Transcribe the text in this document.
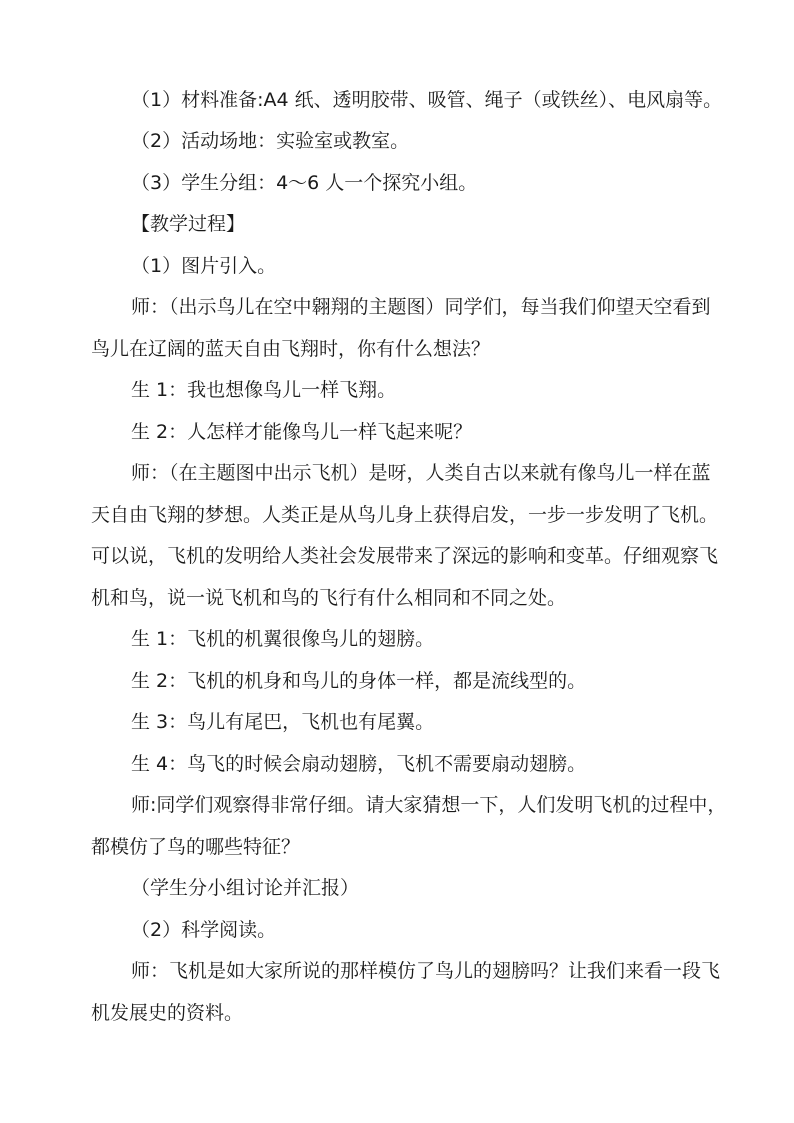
（1）材料准备:A4 纸、透明胶带、吸管、绳子（或铁丝）、电风扇等。
（2）活动场地：实验室或教室。
（3）学生分组：4～6 人一个探究小组。
【教学过程】
（1）图片引入。
师：（出示鸟儿在空中翱翔的主题图）同学们，每当我们仰望天空看到
鸟儿在辽阔的蓝天自由飞翔时，你有什么想法？
生 1：我也想像鸟儿一样飞翔。
生 2：人怎样才能像鸟儿一样飞起来呢？
师：（在主题图中出示飞机）是呀，人类自古以来就有像鸟儿一样在蓝
天自由飞翔的梦想。人类正是从鸟儿身上获得启发，一步一步发明了飞机。
可以说，飞机的发明给人类社会发展带来了深远的影响和变革。仔细观察飞
机和鸟，说一说飞机和鸟的飞行有什么相同和不同之处。
生 1：飞机的机翼很像鸟儿的翅膀。
生 2：飞机的机身和鸟儿的身体一样，都是流线型的。
生 3：鸟儿有尾巴，飞机也有尾翼。
生 4：鸟飞的时候会扇动翅膀，飞机不需要扇动翅膀。
师:同学们观察得非常仔细。请大家猜想一下，人们发明飞机的过程中，
都模仿了鸟的哪些特征？
（学生分小组讨论并汇报）
（2）科学阅读。
师：飞机是如大家所说的那样模仿了鸟儿的翅膀吗？让我们来看一段飞
机发展史的资料。
